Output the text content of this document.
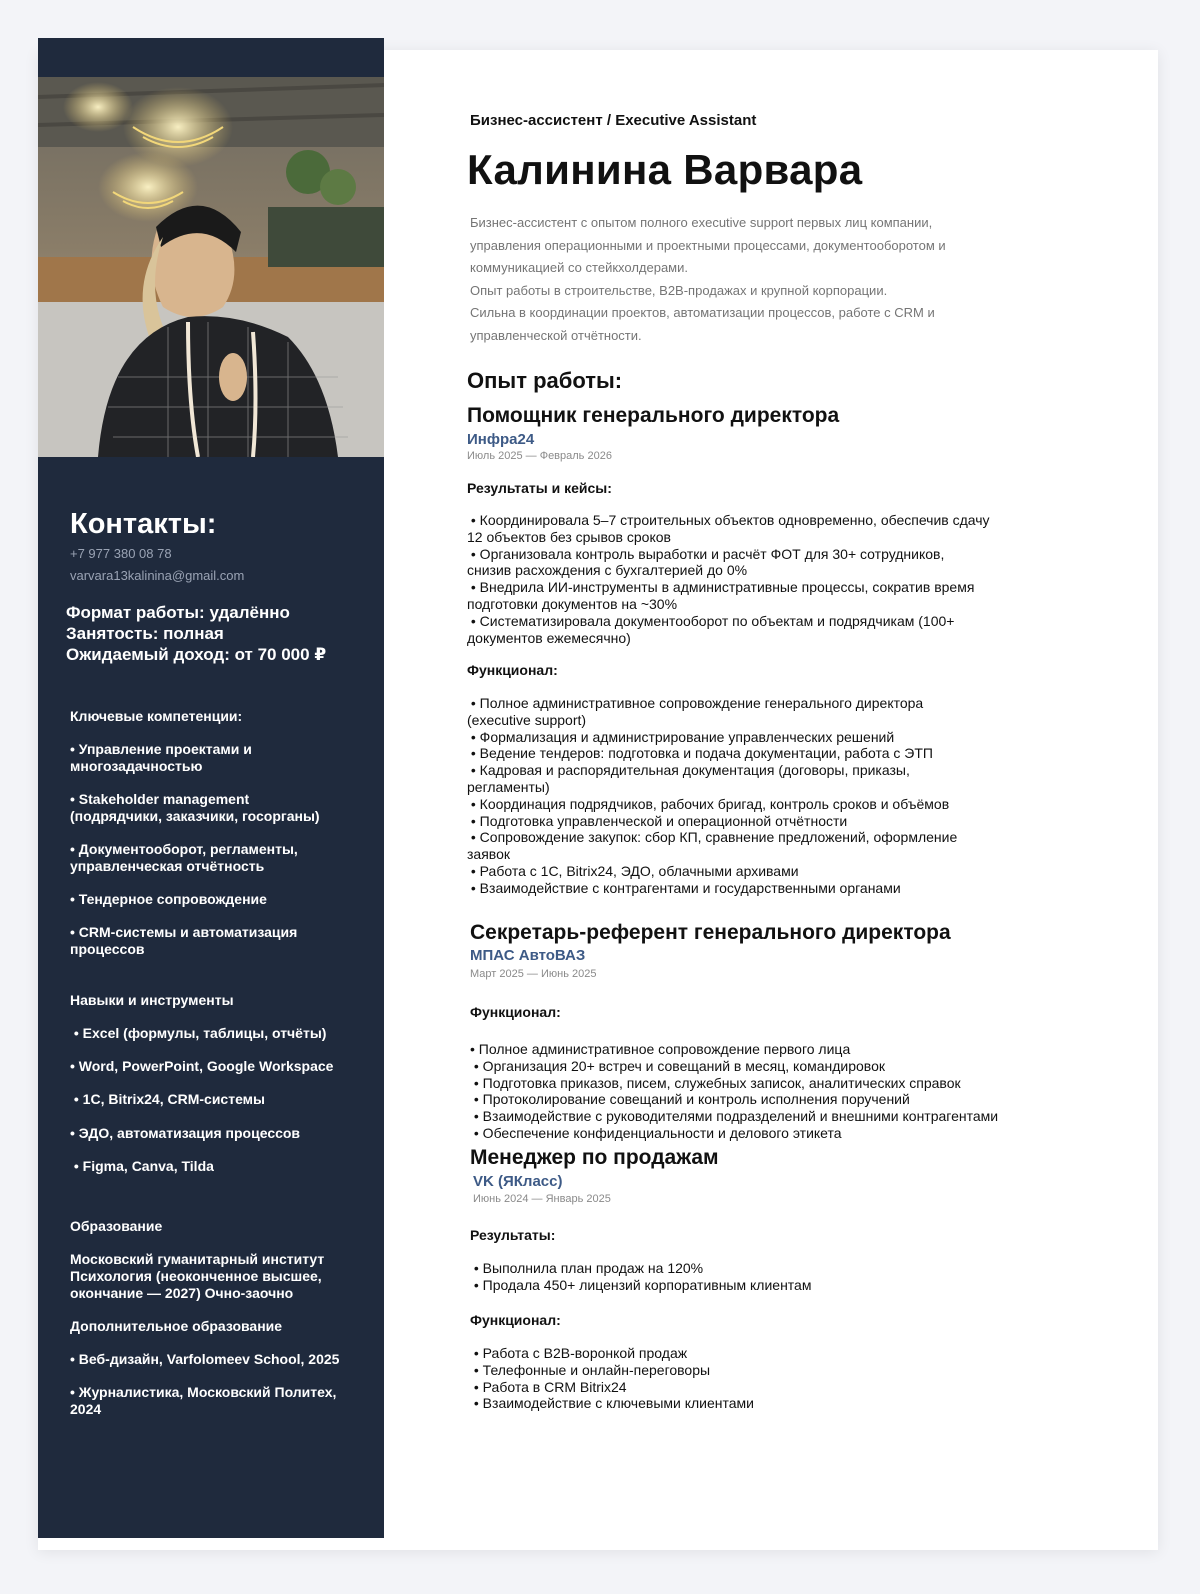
Контакты:
+7 977 380 08 78
varvara13kalinina@gmail.com
Формат работы: удалённо
Занятость: полная
Ожидаемый доход: от 70 000 ₽
Ключевые компетенции:
• Управление проектами и
многозадачностью
• Stakeholder management
(подрядчики, заказчики, госорганы)
• Документооборот, регламенты,
управленческая отчётность
• Тендерное сопровождение
• CRM-системы и автоматизация
процессов
Навыки и инструменты
• Excel (формулы, таблицы, отчёты)
• Word, PowerPoint, Google Workspace
• 1С, Bitrix24, CRM-системы
• ЭДО, автоматизация процессов
• Figma, Canva, Tilda
Образование
Московский гуманитарный институт
Психология (неоконченное высшее,
окончание — 2027) Очно-заочно
Дополнительное образование
• Веб-дизайн, Varfolomeev School, 2025
• Журналистика, Московский Политех,
2024
Бизнес-ассистент / Executive Assistant
Калинина Варвара
Бизнес-ассистент с опытом полного executive support первых лиц компании,
управления операционными и проектными процессами, документооборотом и
коммуникацией со стейкхолдерами.
Опыт работы в строительстве, B2B-продажах и крупной корпорации.
Сильна в координации проектов, автоматизации процессов, работе с CRM и
управленческой отчётности.
Опыт работы:
Помощник генерального директора
Инфра24
Июль 2025 — Февраль 2026
Результаты и кейсы:
• Координировала 5–7 строительных объектов одновременно, обеспечив сдачу
12 объектов без срывов сроков
• Организовала контроль выработки и расчёт ФОТ для 30+ сотрудников,
снизив расхождения с бухгалтерией до 0%
• Внедрила ИИ-инструменты в административные процессы, сократив время
подготовки документов на ~30%
• Систематизировала документооборот по объектам и подрядчикам (100+
документов ежемесячно)
Функционал:
• Полное административное сопровождение генерального директора
(executive support)
• Формализация и администрирование управленческих решений
• Ведение тендеров: подготовка и подача документации, работа с ЭТП
• Кадровая и распорядительная документация (договоры, приказы,
регламенты)
• Координация подрядчиков, рабочих бригад, контроль сроков и объёмов
• Подготовка управленческой и операционной отчётности
• Сопровождение закупок: сбор КП, сравнение предложений, оформление
заявок
• Работа с 1С, Bitrix24, ЭДО, облачными архивами
• Взаимодействие с контрагентами и государственными органами
Секретарь-референт генерального директора
МПАС АвтоВАЗ
Март 2025 — Июнь 2025
Функционал:
• Полное административное сопровождение первого лица
• Организация 20+ встреч и совещаний в месяц, командировок
• Подготовка приказов, писем, служебных записок, аналитических справок
• Протоколирование совещаний и контроль исполнения поручений
• Взаимодействие с руководителями подразделений и внешними контрагентами
• Обеспечение конфиденциальности и делового этикета
Менеджер по продажам
VK (ЯКласс)
Июнь 2024 — Январь 2025
Результаты:
• Выполнила план продаж на 120%
• Продала 450+ лицензий корпоративным клиентам
Функционал:
• Работа с B2B-воронкой продаж
• Телефонные и онлайн-переговоры
• Работа в CRM Bitrix24
• Взаимодействие с ключевыми клиентами
